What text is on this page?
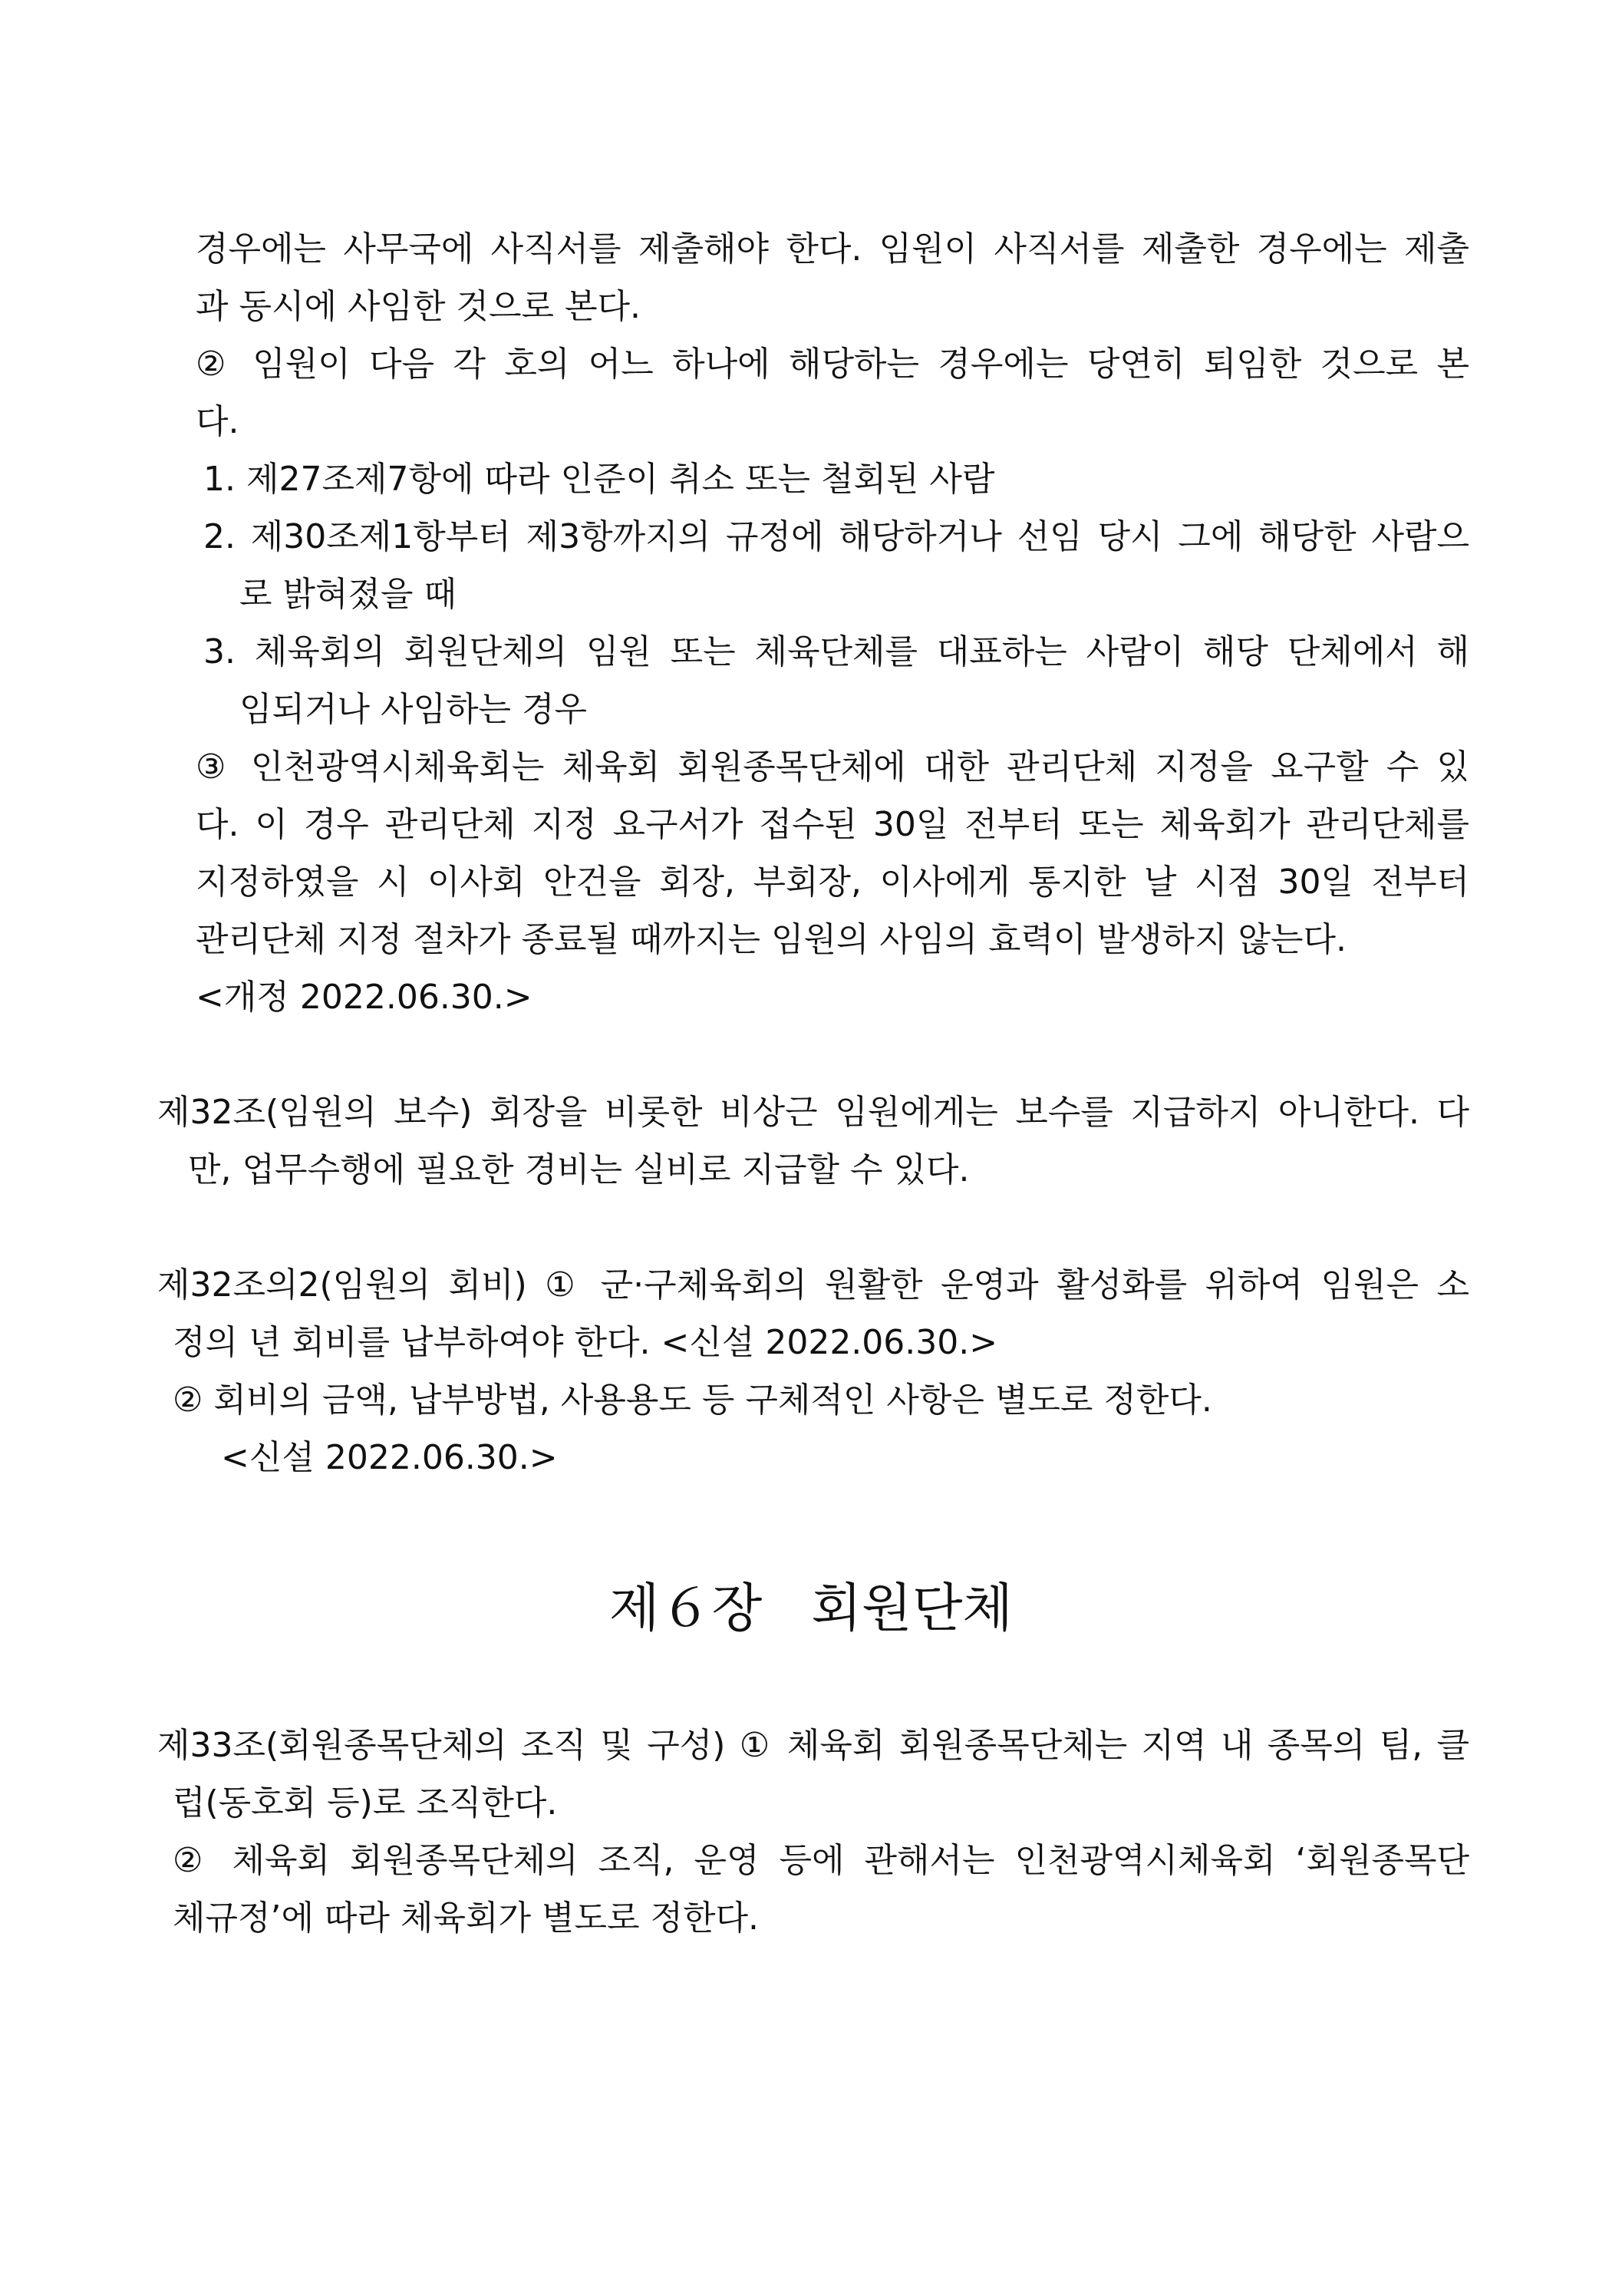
경우에는 사무국에 사직서를 제출해야 한다. 임원이 사직서를 제출한 경우에는 제출
과 동시에 사임한 것으로 본다.
② 임원이 다음 각 호의 어느 하나에 해당하는 경우에는 당연히 퇴임한 것으로 본
다.
1. 제27조제7항에 따라 인준이 취소 또는 철회된 사람
2. 제30조제1항부터 제3항까지의 규정에 해당하거나 선임 당시 그에 해당한 사람으
로 밝혀졌을 때
3. 체육회의 회원단체의 임원 또는 체육단체를 대표하는 사람이 해당 단체에서 해
임되거나 사임하는 경우
③ 인천광역시체육회는 체육회 회원종목단체에 대한 관리단체 지정을 요구할 수 있
다. 이 경우 관리단체 지정 요구서가 접수된 30일 전부터 또는 체육회가 관리단체를
지정하였을 시 이사회 안건을 회장, 부회장, 이사에게 통지한 날 시점 30일 전부터
관리단체 지정 절차가 종료될 때까지는 임원의 사임의 효력이 발생하지 않는다.
<개정 2022.06.30.>
제32조(임원의 보수) 회장을 비롯한 비상근 임원에게는 보수를 지급하지 아니한다. 다
만, 업무수행에 필요한 경비는 실비로 지급할 수 있다.
제32조의2(임원의 회비) ① 군·구체육회의 원활한 운영과 활성화를 위하여 임원은 소
정의 년 회비를 납부하여야 한다. <신설 2022.06.30.>
② 회비의 금액, 납부방법, 사용용도 등 구체적인 사항은 별도로 정한다.
<신설 2022.06.30.>
제６장 회원단체
제33조(회원종목단체의 조직 및 구성) ① 체육회 회원종목단체는 지역 내 종목의 팀, 클
럽(동호회 등)로 조직한다.
② 체육회 회원종목단체의 조직, 운영 등에 관해서는 인천광역시체육회 ‘회원종목단
체규정’에 따라 체육회가 별도로 정한다.
